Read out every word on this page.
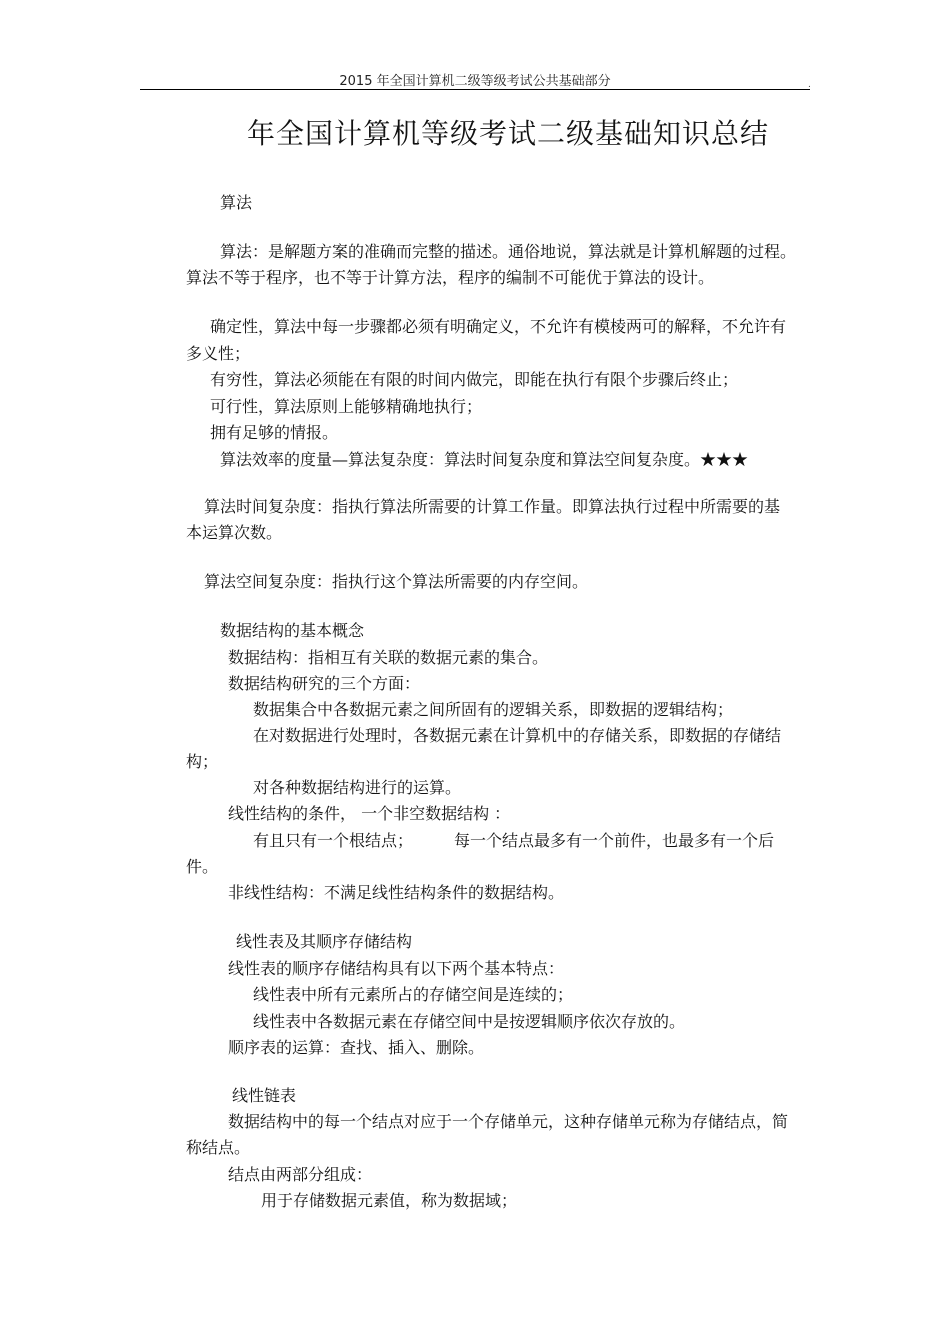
2015 年全国计算机二级等级考试公共基础部分	.
年全国计算机等级考试二级基础知识总结
算法
算法：是解题方案的准确而完整的描述。通俗地说，算法就是计算机解题的过程。
算法不等于程序，也不等于计算方法，程序的编制不可能优于算法的设计。
确定性，算法中每一步骤都必须有明确定义，不允许有模棱两可的解释，不允许有
多义性；
有穷性，算法必须能在有限的时间内做完，即能在执行有限个步骤后终止；
可行性，算法原则上能够精确地执行；
拥有足够的情报。
算法效率的度量—算法复杂度：算法时间复杂度和算法空间复杂度。★★★
算法时间复杂度：指执行算法所需要的计算工作量。即算法执行过程中所需要的基
本运算次数。
算法空间复杂度：指执行这个算法所需要的内存空间。
数据结构的基本概念
数据结构：指相互有关联的数据元素的集合。
数据结构研究的三个方面：
数据集合中各数据元素之间所固有的逻辑关系，即数据的逻辑结构；
在对数据进行处理时，各数据元素在计算机中的存储关系，即数据的存储结
构；
对各种数据结构进行的运算。
线性结构的条件， 一个非空数据结构 ：
有且只有一个根结点；	每一个结点最多有一个前件，也最多有一个后
件。
非线性结构：不满足线性结构条件的数据结构。
线性表及其顺序存储结构
线性表的顺序存储结构具有以下两个基本特点：
线性表中所有元素所占的存储空间是连续的；
线性表中各数据元素在存储空间中是按逻辑顺序依次存放的。
顺序表的运算：查找、插入、删除。
线性链表
数据结构中的每一个结点对应于一个存储单元，这种存储单元称为存储结点，简
称结点。
结点由两部分组成：
用于存储数据元素值，称为数据域；
